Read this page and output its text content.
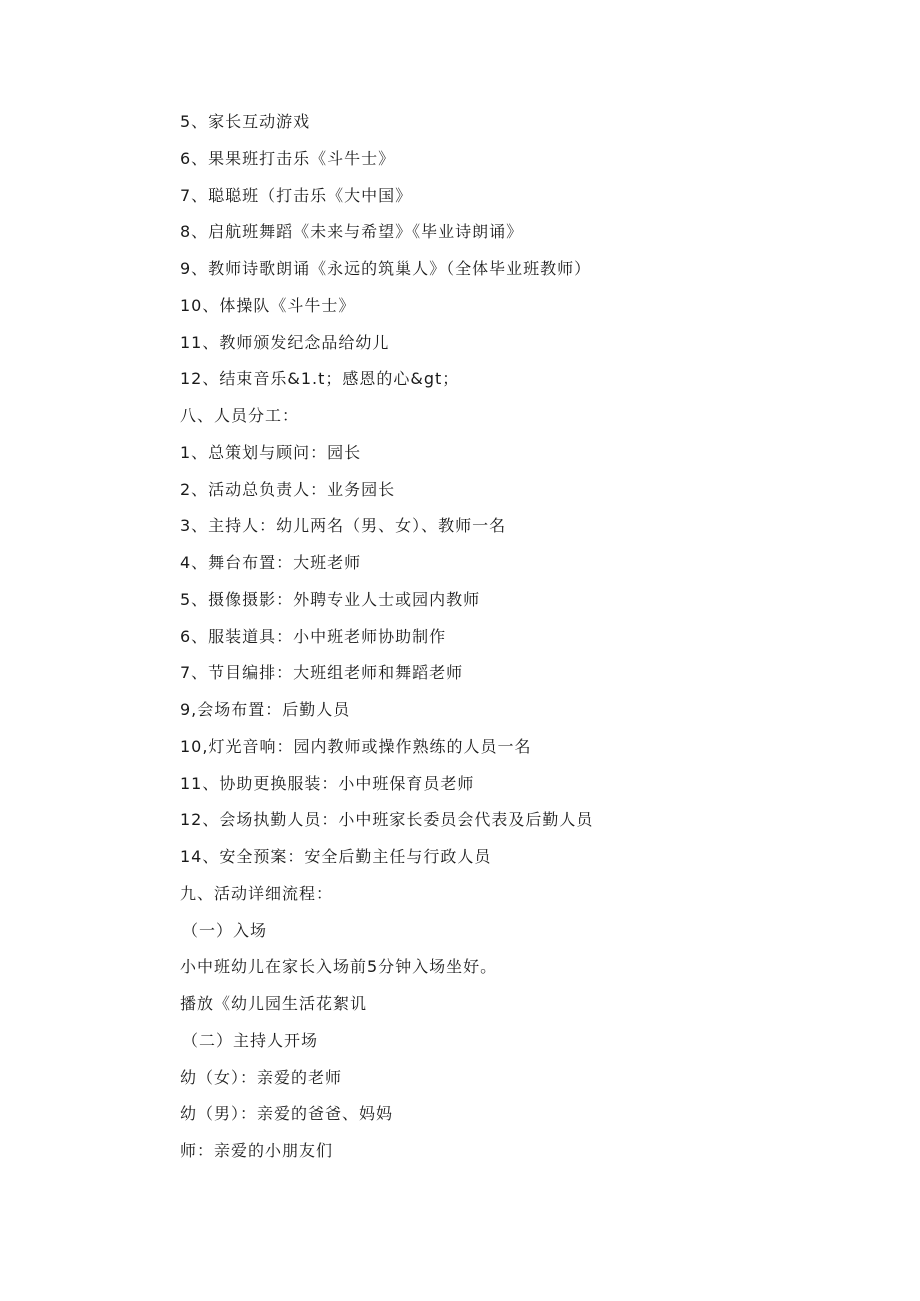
5、家长互动游戏
6、果果班打击乐《斗牛士》
7、聪聪班（打击乐《大中国》
8、启航班舞蹈《未来与希望》《毕业诗朗诵》
9、教师诗歌朗诵《永远的筑巢人》（全体毕业班教师）
10、体操队《斗牛士》
11、教师颁发纪念品给幼儿
12、结束音乐&1.t；感恩的心&gt；
八、人员分工：
1、总策划与顾问：园长
2、活动总负责人：业务园长
3、主持人：幼儿两名（男、女）、教师一名
4、舞台布置：大班老师
5、摄像摄影：外聘专业人士或园内教师
6、服装道具：小中班老师协助制作
7、节目编排：大班组老师和舞蹈老师
9,会场布置：后勤人员
10,灯光音响：园内教师或操作熟练的人员一名
11、协助更换服装：小中班保育员老师
12、会场执勤人员：小中班家长委员会代表及后勤人员
14、安全预案：安全后勤主任与行政人员
九、活动详细流程：
（一）入场
小中班幼儿在家长入场前5分钟入场坐好。
播放《幼儿园生活花絮讥
（二）主持人开场
幼（女）：亲爱的老师
幼（男）：亲爱的爸爸、妈妈
师：亲爱的小朋友们
